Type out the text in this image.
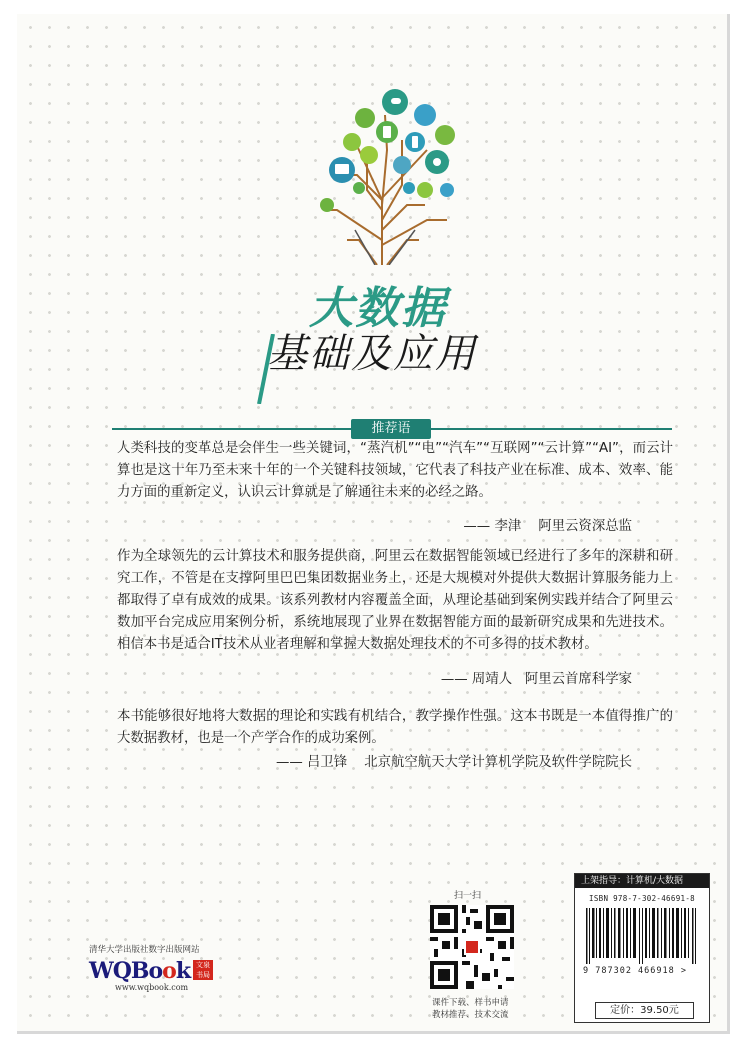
大数据
基础及应用
推荐语

人类科技的变革总是会伴生一些关键词，“蒸汽机”“电”“汽车”“互联网”“云计算”“AI”，而云计算也是这十年乃至未来十年的一个关键科技领域，它代表了科技产业在标准、成本、效率、能力方面的重新定义，认识云计算就是了解通往未来的必经之路。

—— 李津    阿里云资深总监

作为全球领先的云计算技术和服务提供商，阿里云在数据智能领域已经进行了多年的深耕和研究工作，不管是在支撑阿里巴巴集团数据业务上，还是大规模对外提供大数据计算服务能力上都取得了卓有成效的成果。该系列教材内容覆盖全面，从理论基础到案例实践并结合了阿里云数加平台完成应用案例分析，系统地展现了业界在数据智能方面的最新研究成果和先进技术。相信本书是适合IT技术从业者理解和掌握大数据处理技术的不可多得的技术教材。

—— 周靖人   阿里云首席科学家

本书能够很好地将大数据的理论和实践有机结合，教学操作性强。这本书既是一本值得推广的大数据教材，也是一个产学合作的成功案例。

—— 吕卫锋    北京航空航天大学计算机学院及软件学院院长
扫一扫
课件下载、样书申请
教材推荐、技术交流
清华大学出版社数字出版网站
WQBook 文泉
书局
www.wqbook.com
上架指导：计算机/大数据
ISBN 978-7-302-46691-8
9 787302 466918 >
定价：39.50元
